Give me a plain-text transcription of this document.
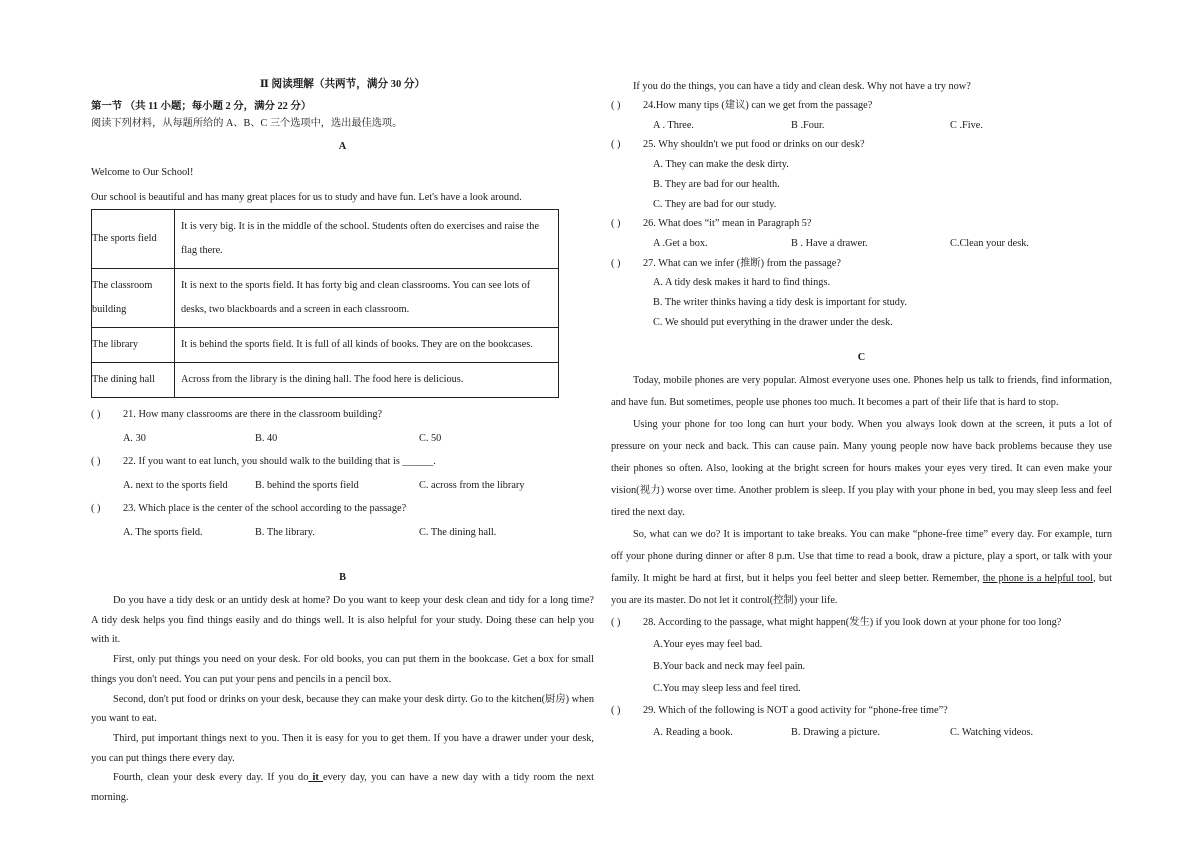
Ⅱ 阅读理解（共两节，满分 30 分）

第一节 （共 11 小题；每小题 2 分，满分 22 分）

阅读下列材料，从每题所给的 A、B、C 三个选项中，选出最佳选项。

A

Welcome to Our School!

Our school is beautiful and has many great places for us to study and have fun. Let's have a look around.

The sports field	It is very big. It is in the middle of the school. Students often do exercises and raise the flag there.
The classroom building	It is next to the sports field. It has forty big and clean classrooms. You can see lots of desks, two blackboards and a screen in each classroom.
The library	It is behind the sports field. It is full of all kinds of books. They are on the bookcases.
The dining hall	Across from the library is the dining hall. The food here is delicious.
( )	21. How many classrooms are there in the classroom building?
A. 30	B. 40	C. 50
( )	22. If you want to eat lunch, you should walk to the building that is ______.
A. next to the sports field	B. behind the sports field	C. across from the library
( )	23. Which place is the center of the school according to the passage?
A. The sports field.	B. The library.	C. The dining hall.

B

Do you have a tidy desk or an untidy desk at home? Do you want to keep your desk clean and tidy for a long time? A tidy desk helps you find things easily and do things well. It is also helpful for your study. Doing these can help you with it.

First, only put things you need on your desk. For old books, you can put them in the bookcase. Get a box for small things you don't need. You can put your pens and pencils in a pencil box.

Second, don't put food or drinks on your desk, because they can make your desk dirty. Go to the kitchen(厨房) when you want to eat.

Third, put important things next to you. Then it is easy for you to get them. If you have a drawer under your desk, you can put things there every day.

Fourth, clean your desk every day. If you do it every day, you can have a new day with a tidy room the next morning.

If you do the things, you can have a tidy and clean desk. Why not have a try now?

( )	24.How many tips (建议) can we get from the passage?
A . Three.	B .Four.	C .Five.
( )	25. Why shouldn't we put food or drinks on our desk?

A. They can make the desk dirty.

B. They are bad for our health.

C. They are bad for our study.

( )	26. What does “it” mean in Paragraph 5?
A .Get a box.	B . Have a drawer.	C.Clean your desk.
( )	27. What can we infer (推断) from the passage?

A. A tidy desk makes it hard to find things.

B. The writer thinks having a tidy desk is important for study.

C. We should put everything in the drawer under the desk.

C

Today, mobile phones are very popular. Almost everyone uses one. Phones help us talk to friends, find information, and have fun. But sometimes, people use phones too much. It becomes a part of their life that is hard to stop.

Using your phone for too long can hurt your body. When you always look down at the screen, it puts a lot of pressure on your neck and back. This can cause pain. Many young people now have back problems because they use their phones so often. Also, looking at the bright screen for hours makes your eyes very tired. It can even make your vision(视力) worse over time. Another problem is sleep. If you play with your phone in bed, you may sleep less and feel tired the next day.

So, what can we do? It is important to take breaks. You can make “phone-free time” every day. For example, turn off your phone during dinner or after 8 p.m. Use that time to read a book, draw a picture, play a sport, or talk with your family. It might be hard at first, but it helps you feel better and sleep better. Remember, the phone is a helpful tool, but you are its master. Do not let it control(控制) your life.

( )	28. According to the passage, what might happen(发生) if you look down at your phone for too long?

A.Your eyes may feel bad.

B.Your back and neck may feel pain.

C.You may sleep less and feel tired.

( )	29. Which of the following is NOT a good activity for “phone-free time”?
A. Reading a book.	B. Drawing a picture.	C. Watching videos.
